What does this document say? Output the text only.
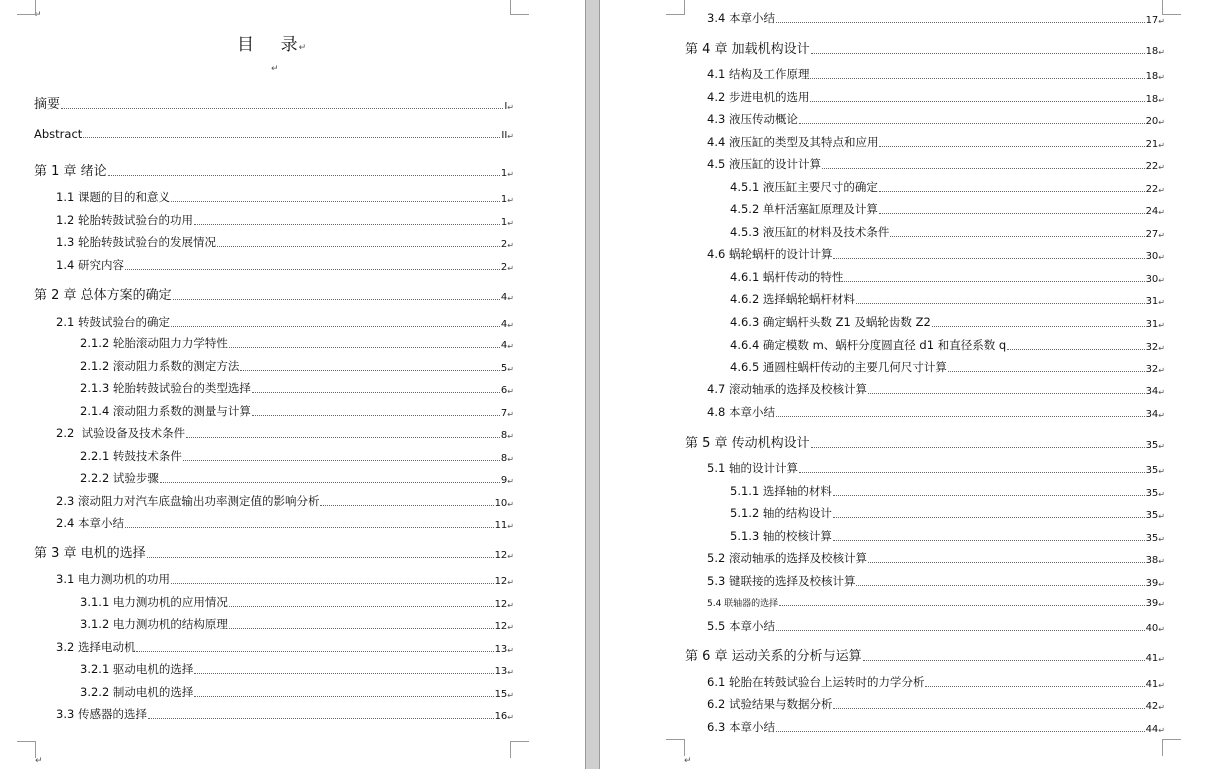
↵
目    录↵
↵
↵
摘要	I ↵
Abstract	II ↵
第 1 章 绪论	1 ↵
1.1 课题的目的和意义	1 ↵
1.2 轮胎转鼓试验台的功用	1 ↵
1.3 轮胎转鼓试验台的发展情况	2 ↵
1.4 研究内容	2 ↵
第 2 章 总体方案的确定	4 ↵
2.1 转鼓试验台的确定	4 ↵
2.1.2 轮胎滚动阻力力学特性	4 ↵
2.1.2 滚动阻力系数的测定方法	5 ↵
2.1.3 轮胎转鼓试验台的类型选择	6 ↵
2.1.4 滚动阻力系数的测量与计算	7 ↵
2.2  试验设备及技术条件	8 ↵
2.2.1 转鼓技术条件	8 ↵
2.2.2 试验步骤	9 ↵
2.3 滚动阻力对汽车底盘输出功率测定值的影响分析	10 ↵
2.4 本章小结	11 ↵
第 3 章 电机的选择	12 ↵
3.1 电力测功机的功用	12 ↵
3.1.1 电力测功机的应用情况	12 ↵
3.1.2 电力测功机的结构原理	12 ↵
3.2 选择电动机	13 ↵
3.2.1 驱动电机的选择	13 ↵
3.2.2 制动电机的选择	15 ↵
3.3 传感器的选择	16 ↵
↵
3.4 本章小结	17 ↵
第 4 章 加载机构设计	18 ↵
4.1 结构及工作原理	18 ↵
4.2 步进电机的选用	18 ↵
4.3 液压传动概论	20 ↵
4.4 液压缸的类型及其特点和应用	21 ↵
4.5 液压缸的设计计算	22 ↵
4.5.1 液压缸主要尺寸的确定	22 ↵
4.5.2 单杆活塞缸原理及计算	24 ↵
4.5.3 液压缸的材料及技术条件	27 ↵
4.6 蜗轮蜗杆的设计计算	30 ↵
4.6.1 蜗杆传动的特性	30 ↵
4.6.2 选择蜗轮蜗杆材料	31 ↵
4.6.3 确定蜗杆头数 Z1 及蜗轮齿数 Z2	31 ↵
4.6.4 确定模数 m、蜗杆分度圆直径 d1 和直径系数 q	32 ↵
4.6.5 通圆柱蜗杆传动的主要几何尺寸计算	32 ↵
4.7 滚动轴承的选择及校核计算	34 ↵
4.8 本章小结	34 ↵
第 5 章 传动机构设计	35 ↵
5.1 轴的设计计算	35 ↵
5.1.1 选择轴的材料	35 ↵
5.1.2 轴的结构设计	35 ↵
5.1.3 轴的校核计算	35 ↵
5.2 滚动轴承的选择及校核计算	38 ↵
5.3 键联接的选择及校核计算	39 ↵
5.4 联轴器的选择	39 ↵
5.5 本章小结	40 ↵
第 6 章 运动关系的分析与运算	41 ↵
6.1 轮胎在转鼓试验台上运转时的力学分析	41 ↵
6.2 试验结果与数据分析	42 ↵
6.3 本章小结	44 ↵
